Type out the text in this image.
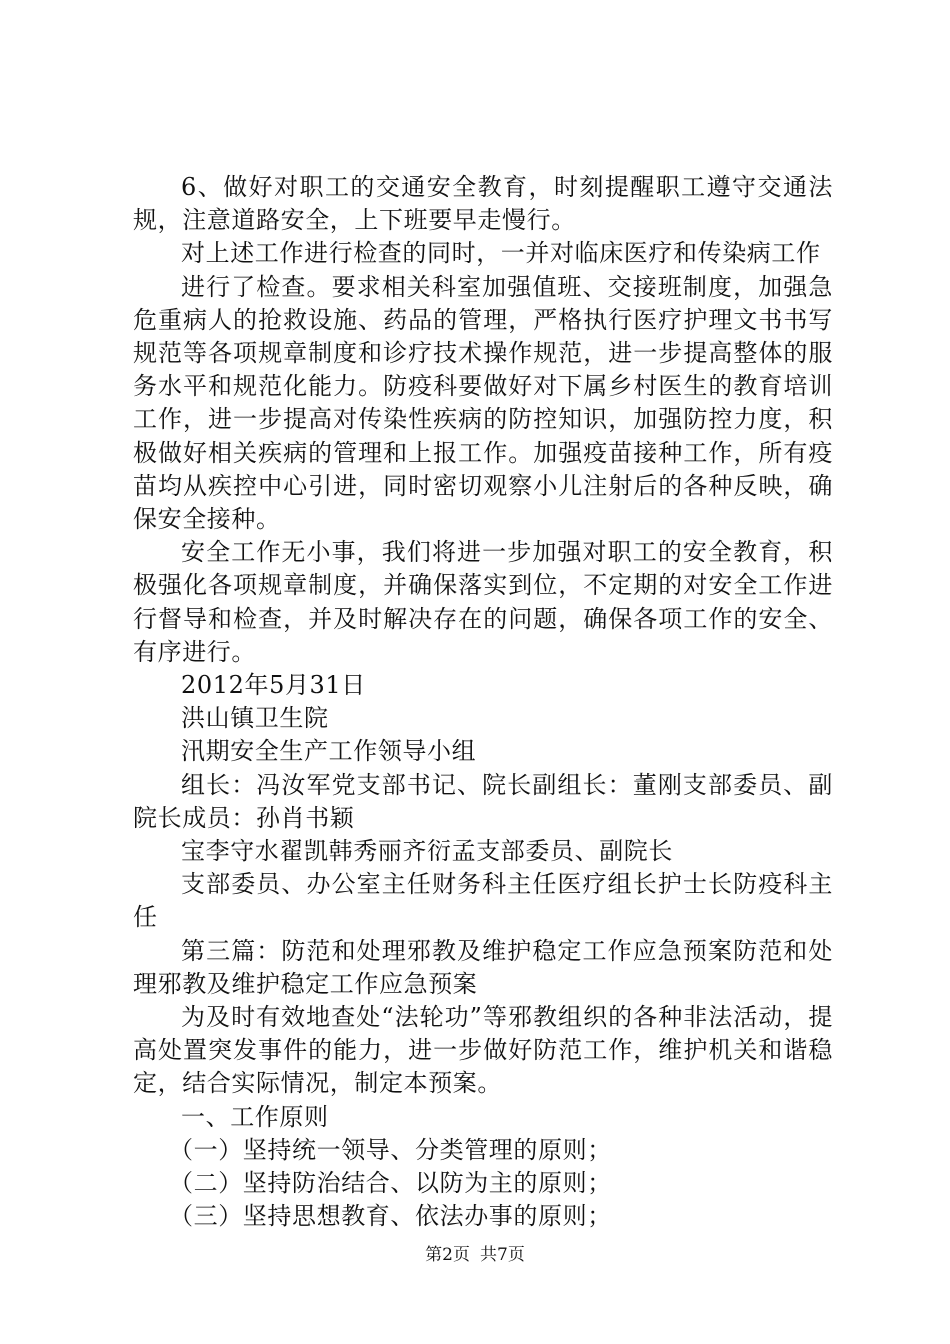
6、做好对职工的交通安全教育，时刻提醒职工遵守交通法规，注意道路安全，上下班要早走慢行。

对上述工作进行检查的同时，一并对临床医疗和传染病工作

进行了检查。要求相关科室加强值班、交接班制度，加强急危重病人的抢救设施、药品的管理，严格执行医疗护理文书书写规范等各项规章制度和诊疗技术操作规范，进一步提高整体的服务水平和规范化能力。防疫科要做好对下属乡村医生的教育培训工作，进一步提高对传染性疾病的防控知识，加强防控力度，积极做好相关疾病的管理和上报工作。加强疫苗接种工作，所有疫苗均从疾控中心引进，同时密切观察小儿注射后的各种反映，确保安全接种。

安全工作无小事，我们将进一步加强对职工的安全教育，积极强化各项规章制度，并确保落实到位，不定期的对安全工作进行督导和检查，并及时解决存在的问题，确保各项工作的安全、有序进行。

2012年5月31日

洪山镇卫生院

汛期安全生产工作领导小组

组长：冯汝军党支部书记、院长副组长：董刚支部委员、副院长成员：孙肖书颖

宝李守水翟凯韩秀丽齐衍孟支部委员、副院长

支部委员、办公室主任财务科主任医疗组长护士长防疫科主任

第三篇：防范和处理邪教及维护稳定工作应急预案防范和处理邪教及维护稳定工作应急预案

为及时有效地查处“法轮功”等邪教组织的各种非法活动，提高处置突发事件的能力，进一步做好防范工作，维护机关和谐稳定，结合实际情况，制定本预案。

一、工作原则

（一）坚持统一领导、分类管理的原则；

（二）坚持防治结合、以防为主的原则；

（三）坚持思想教育、依法办事的原则；

第2页 共7页
